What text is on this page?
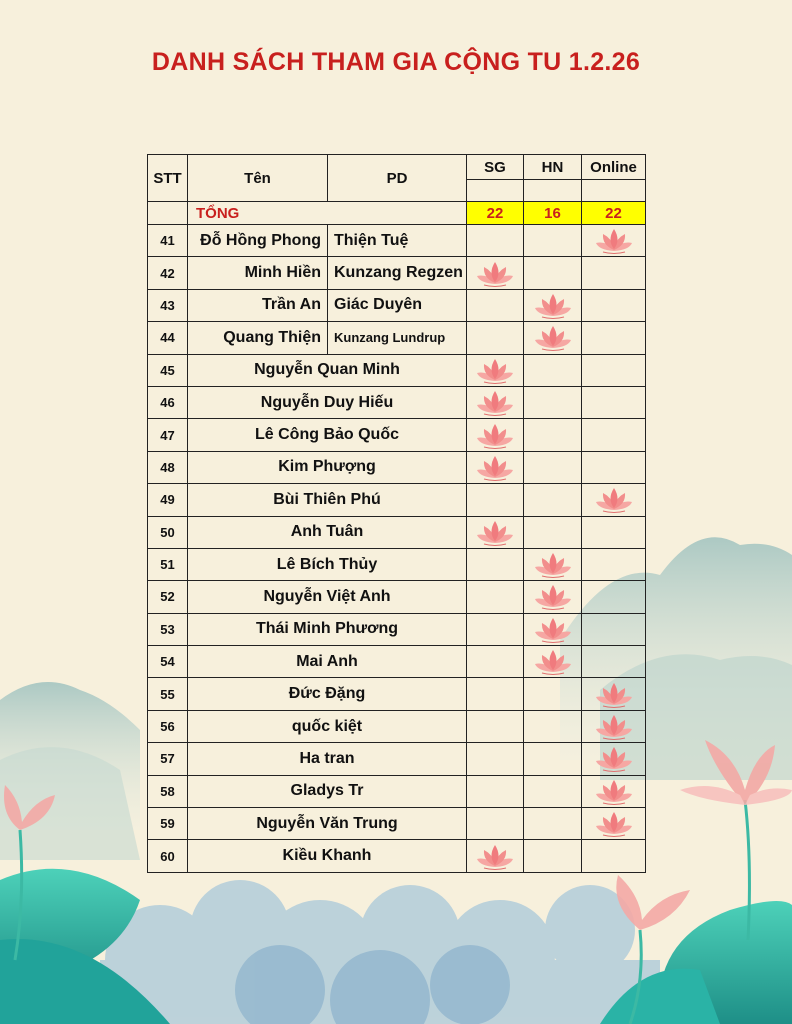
DANH SÁCH THAM GIA CỘNG TU 1.2.26
STT	Tên	PD	SG	HN	Online

	TỔNG		22	16	22
41	Đỗ Hồng Phong	Thiện Tuệ			

42	Minh Hiền	Kunzang Regzen	

43	Trần An	Giác Duyên		

44	Quang Thiện	Kunzang Lundrup		

45	Nguyễn Quan Minh	

46	Nguyễn Duy Hiếu	

47	Lê Công Bảo Quốc	

48	Kim Phượng	

49	Bùi Thiên Phú			

50	Anh Tuân	

51	Lê Bích Thủy		

52	Nguyễn Việt Anh		

53	Thái Minh Phương		

54	Mai Anh		

55	Đức Đặng			

56	quốc kiệt			

57	Ha tran			

58	Gladys Tr			

59	Nguyễn Văn Trung			

60	Kiều Khanh	
